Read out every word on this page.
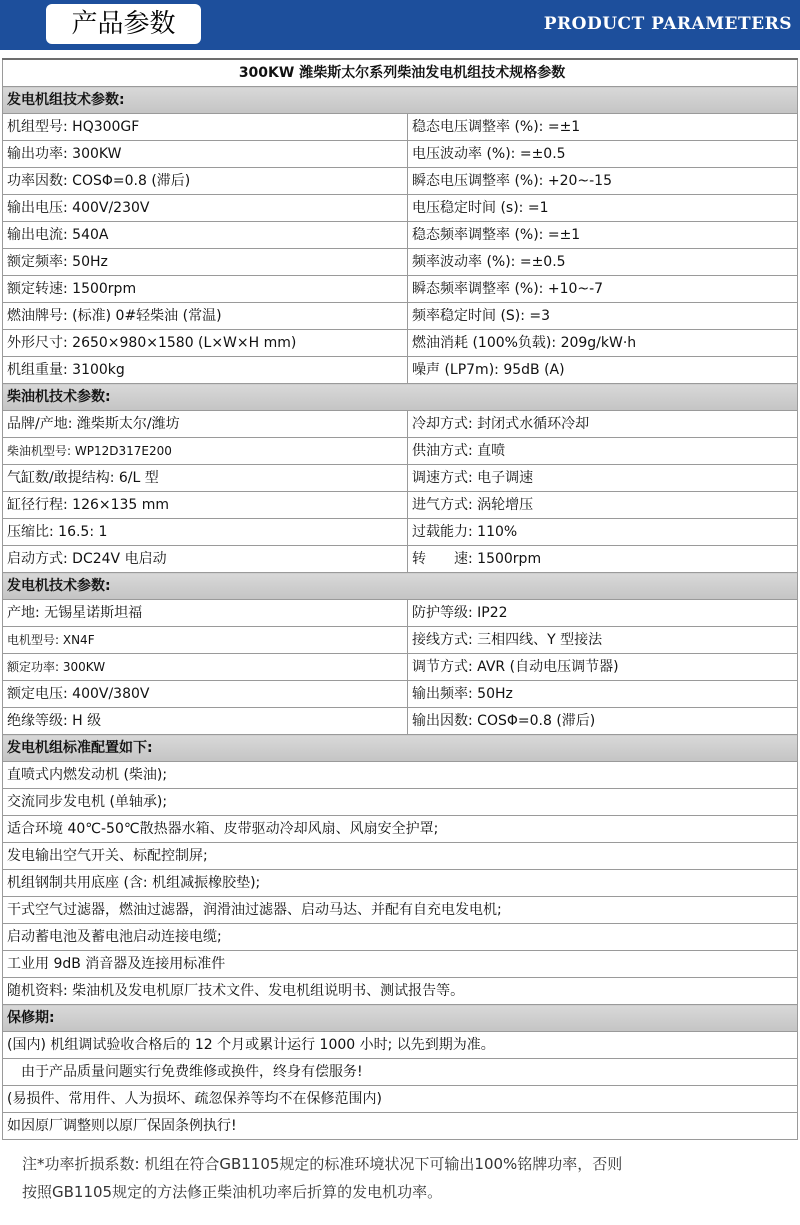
产品参数	PRODUCT PARAMETERS
300KW 潍柴斯太尔系列柴油发电机组技术规格参数	
发电机组技术参数:	
机组型号: HQ300GF	稳态电压调整率 (%): =±1
输出功率: 300KW	电压波动率 (%): =±0.5
功率因数: COSΦ=0.8 (滞后)	瞬态电压调整率 (%): +20~-15
输出电压: 400V/230V	电压稳定时间 (s): =1
输出电流: 540A	稳态频率调整率 (%): =±1
额定频率: 50Hz	频率波动率 (%): =±0.5
额定转速: 1500rpm	瞬态频率调整率 (%): +10~-7
燃油牌号: (标准) 0#轻柴油 (常温)	频率稳定时间 (S): =3
外形尺寸: 2650×980×1580 (L×W×H mm)	燃油消耗 (100%负载): 209g/kW·h
机组重量: 3100kg	噪声 (LP7m): 95dB (A)
柴油机技术参数:	
品牌/产地: 潍柴斯太尔/潍坊	冷却方式: 封闭式水循环冷却
柴油机型号: WP12D317E200	供油方式: 直喷
气缸数/敢提结构: 6/L 型	调速方式: 电子调速
缸径行程: 126×135 mm	进气方式: 涡轮增压
压缩比: 16.5: 1	过载能力: 110%
启动方式: DC24V 电启动	转　　速: 1500rpm
发电机技术参数:	
产地: 无锡星诺斯坦福	防护等级: IP22
电机型号: XN4F	接线方式: 三相四线、Y 型接法
额定功率: 300KW	调节方式: AVR (自动电压调节器)
额定电压: 400V/380V	输出频率: 50Hz
绝缘等级: H 级	输出因数: COSΦ=0.8 (滞后)
发电机组标准配置如下:	
直喷式内燃发动机 (柴油);	
交流同步发电机 (单轴承);	
适合环境 40℃-50℃散热器水箱、皮带驱动冷却风扇、风扇安全护罩;	
发电输出空气开关、标配控制屏;	
机组钢制共用底座 (含: 机组减振橡胶垫);	
干式空气过滤器，燃油过滤器，润滑油过滤器、启动马达、并配有自充电发电机;	
启动蓄电池及蓄电池启动连接电缆;	
工业用 9dB 消音器及连接用标准件	
随机资料: 柴油机及发电机原厂技术文件、发电机组说明书、测试报告等。	
保修期:	
(国内) 机组调试验收合格后的 12 个月或累计运行 1000 小时; 以先到期为准。	
　由于产品质量问题实行免费维修或换件，终身有偿服务!	
(易损件、常用件、人为损坏、疏忽保养等均不在保修范围内)	
如因原厂调整则以原厂保固条例执行!	
注*功率折损系数: 机组在符合GB1105规定的标准环境状况下可输出100%铭牌功率，否则
按照GB1105规定的方法修正柴油机功率后折算的发电机功率。
